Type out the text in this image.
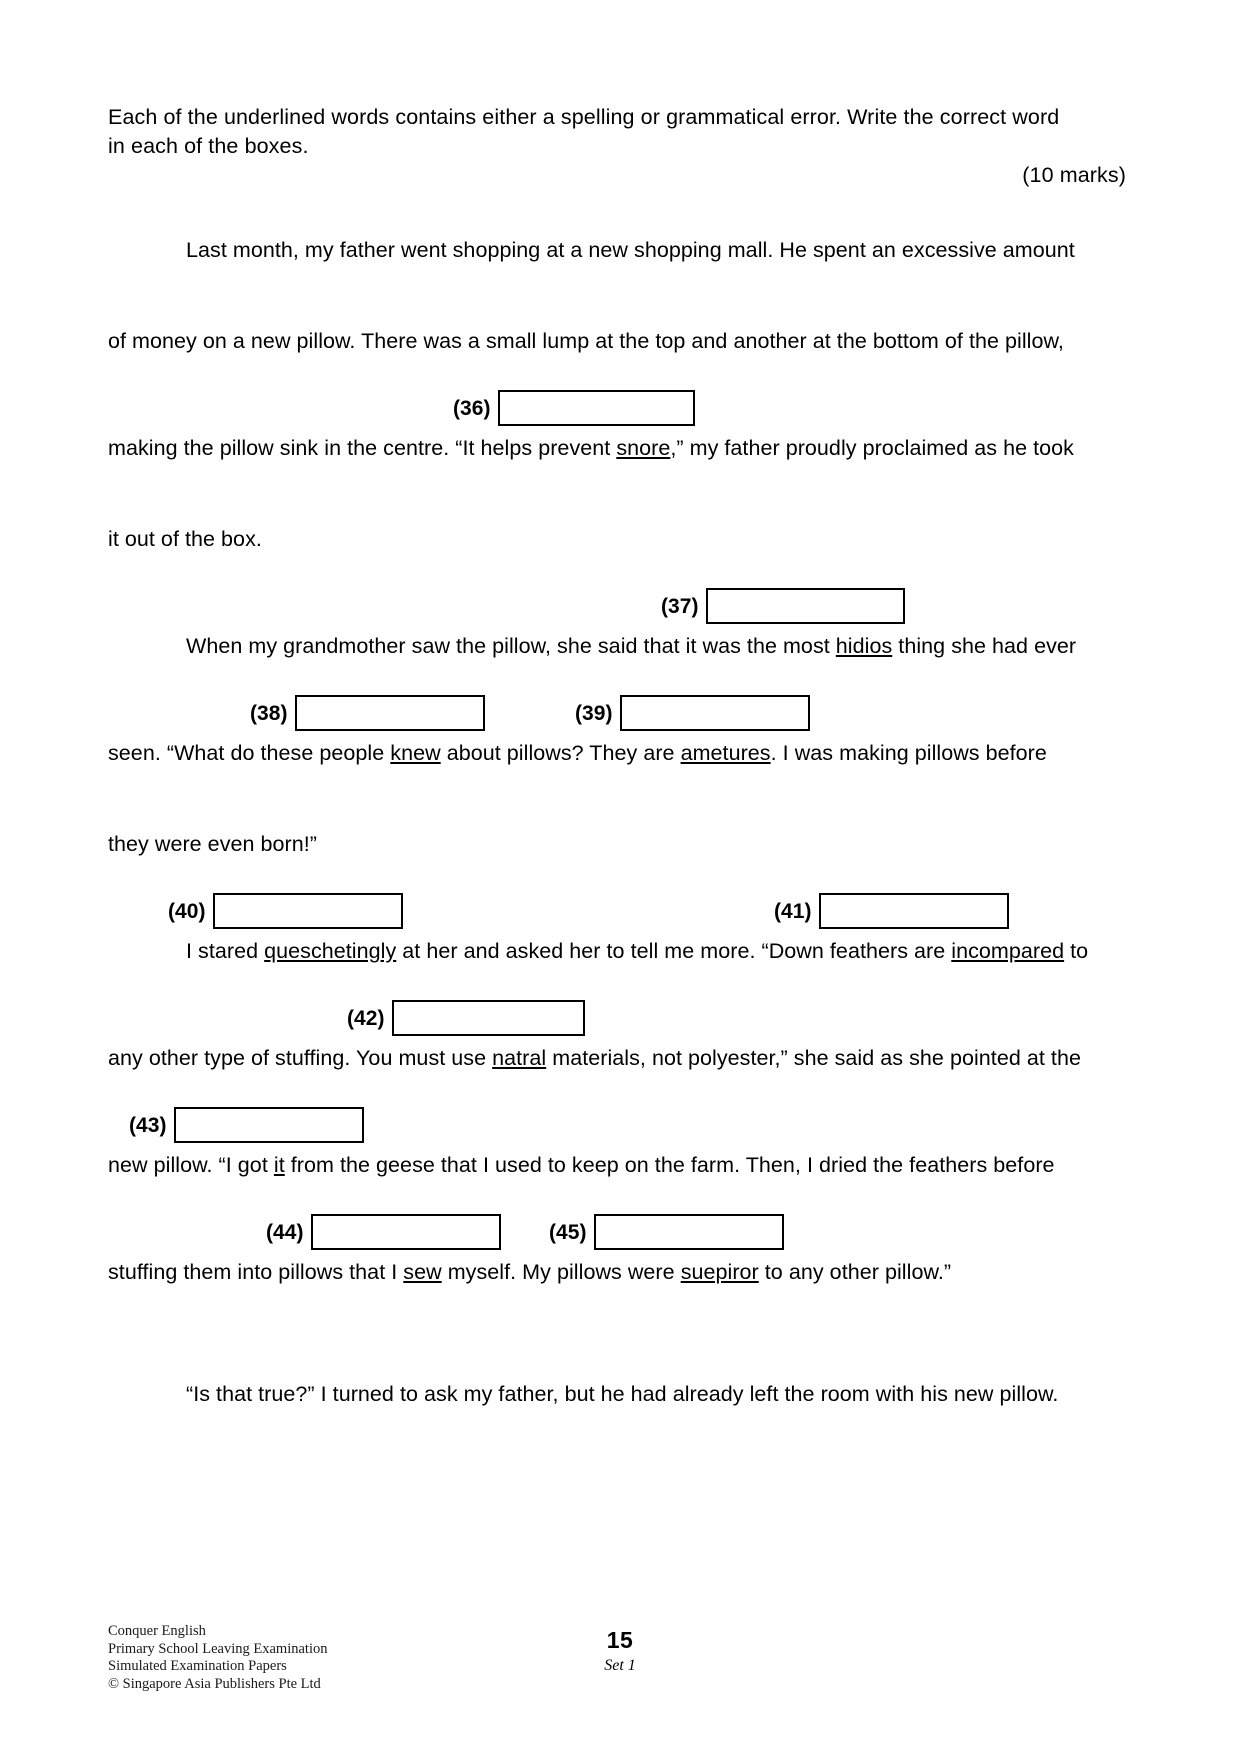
Each of the underlined words contains either a spelling or grammatical error. Write the correct word
in each of the boxes.
(10 marks)
Last month, my father went shopping at a new shopping mall. He spent an excessive amount
of money on a new pillow. There was a small lump at the top and another at the bottom of the pillow,
(36)
making the pillow sink in the centre. “It helps prevent snore,” my father proudly proclaimed as he took
it out of the box.
(37)
When my grandmother saw the pillow, she said that it was the most hidios thing she had ever
(38)	(39)
seen. “What do these people knew about pillows? They are ametures. I was making pillows before
they were even born!”
(40)	(41)
I stared queschetingly at her and asked her to tell me more. “Down feathers are incompared to
(42)
any other type of stuffing. You must use natral materials, not polyester,” she said as she pointed at the
(43)
new pillow. “I got it from the geese that I used to keep on the farm. Then, I dried the feathers before
(44)	(45)
stuffing them into pillows that I sew myself. My pillows were suepiror to any other pillow.”
“Is that true?” I turned to ask my father, but he had already left the room with his new pillow.
Conquer English
Primary School Leaving Examination
Simulated Examination Papers
© Singapore Asia Publishers Pte Ltd
15
Set 1
